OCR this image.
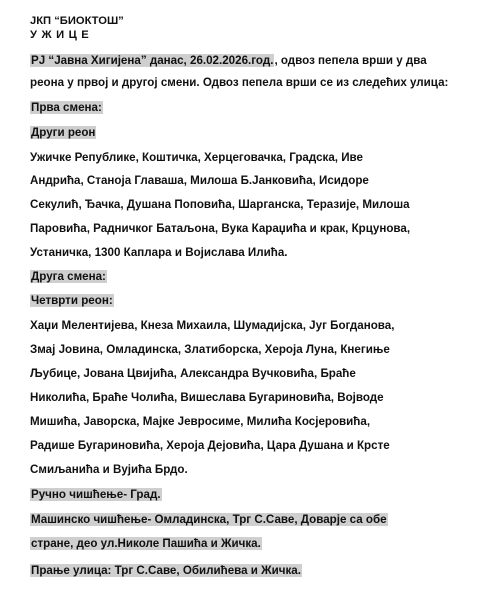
ЈКП “БИОКТОШ”
УЖИЦЕ
РЈ “Јавна Хигијена” данас, 26.02.2026.год., одвоз пепела врши у два
реона у првој и другој смени. Одвоз пепела врши се из следећих улица:
Прва смена:
Други реон
Ужичке Републике, Коштичка, Херцеговачка, Градска, Иве
Андрића, Станоја Главаша, Милоша Б.Јанковића, Исидоре
Секулић, Ђачка, Душана Поповића, Шарганска, Теразије, Милоша
Паровића, Радничког Батаљона, Вука Караџића и крак, Крцунова,
Устаничка, 1300 Каплара и Војислава Илића.
Друга смена:
Четврти реон:
Хаџи Мелентијева, Кнеза Михаила, Шумадијска, Југ Богданова,
Змај Јовина, Омладинска, Златиборска, Хероја Луна, Кнегиње
Љубице, Јована Цвијића, Александра Вучковића, Браће
Николића, Браће Чолића, Вишеслава Бугариновића, Војводе
Мишића, Јаворска, Мајке Јевросиме, Милића Косјеровића,
Радише Бугариновића, Хероја Дејовића, Цара Душана и Крсте
Смиљанића и Вујића Брдо.
Ручно чишћење- Град.
Машинско чишћење- Омладинска, Трг С.Саве, Доварје са обе
стране, део ул.Николе Пашића и Жичка.
Прање улица: Трг С.Саве, Обилићева и Жичка.
